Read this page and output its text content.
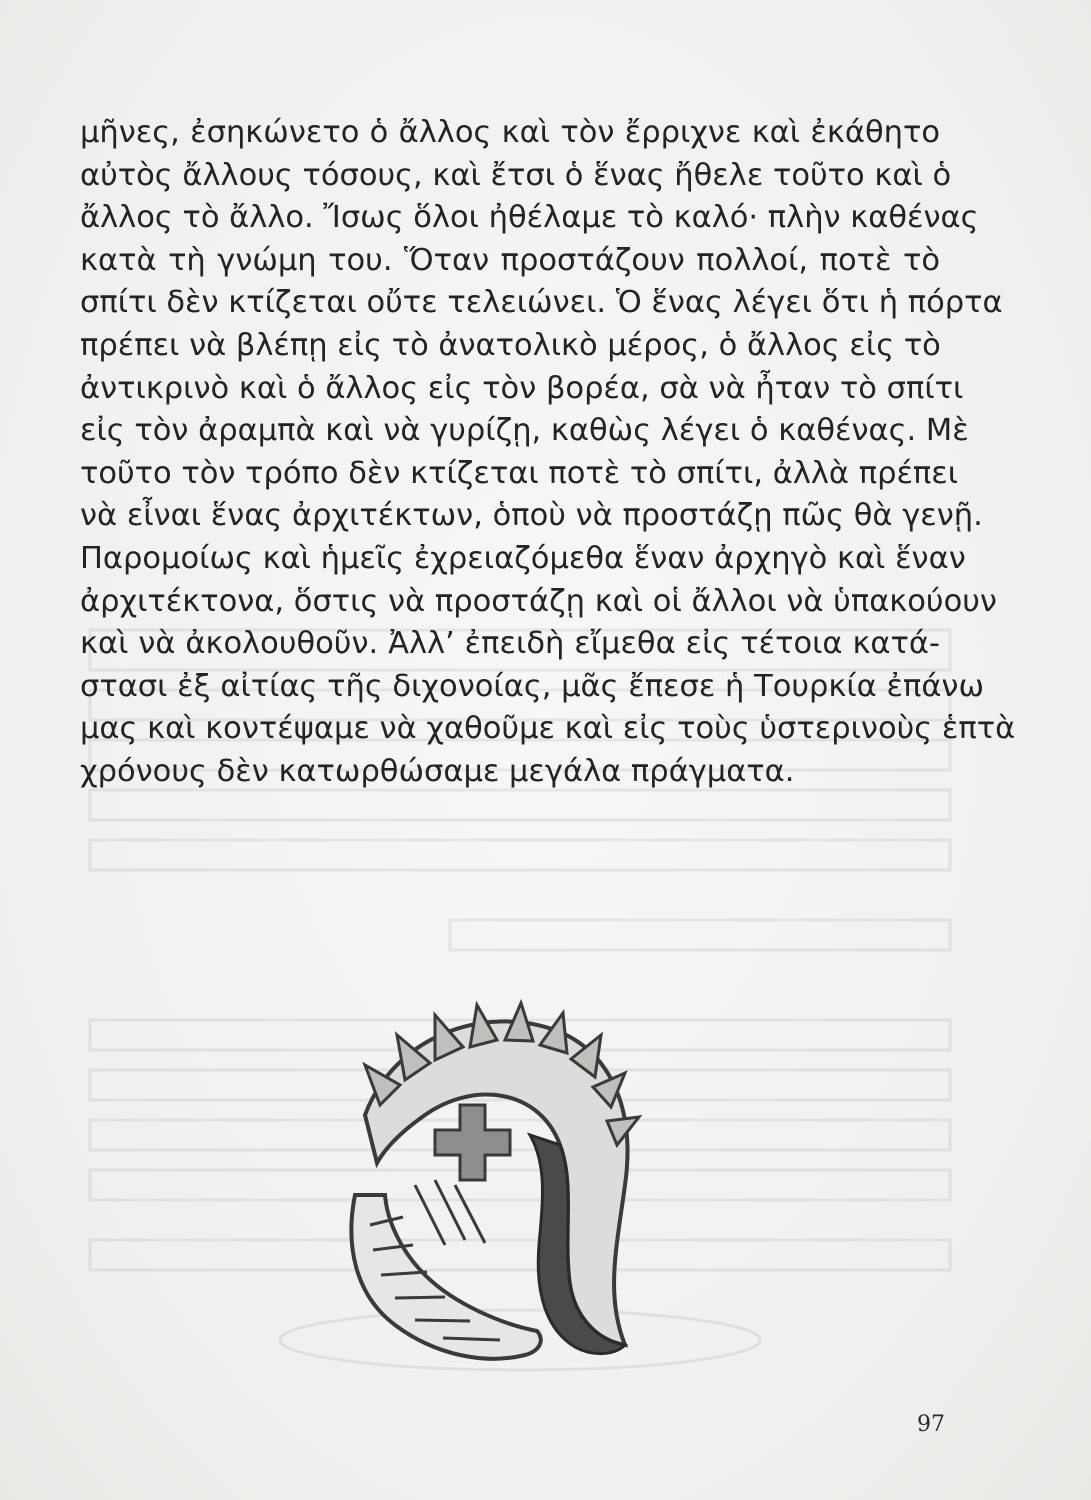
μῆνες, ἐσηκώνετο ὁ ἄλλος καὶ τὸν ἔρριχνε καὶ ἐκάθητο
αὐτὸς ἄλλους τόσους, καὶ ἔτσι ὁ ἕνας ἤθελε τοῦτο καὶ ὁ
ἄλλος τὸ ἄλλο. Ἴσως ὅλοι ἠθέλαμε τὸ καλό· πλὴν καθένας
κατὰ τὴ γνώμη του. Ὅταν προστάζουν πολλοί, ποτὲ τὸ
σπίτι δὲν κτίζεται οὔτε τελειώνει. Ὁ ἕνας λέγει ὅτι ἡ πόρτα
πρέπει νὰ βλέπῃ εἰς τὸ ἀνατολικὸ μέρος, ὁ ἄλλος εἰς τὸ
ἀντικρινὸ καὶ ὁ ἄλλος εἰς τὸν βορέα, σὰ νὰ ἦταν τὸ σπίτι
εἰς τὸν ἀραμπὰ καὶ νὰ γυρίζῃ, καθὼς λέγει ὁ καθένας. Μὲ
τοῦτο τὸν τρόπο δὲν κτίζεται ποτὲ τὸ σπίτι, ἀλλὰ πρέπει
νὰ εἶναι ἕνας ἀρχιτέκτων, ὁποὺ νὰ προστάζῃ πῶς θὰ γενῇ.
Παρομοίως καὶ ἡμεῖς ἐχρειαζόμεθα ἕναν ἀρχηγὸ καὶ ἕναν
ἀρχιτέκτονα, ὅστις νὰ προστάζῃ καὶ οἱ ἄλλοι νὰ ὑπακούουν
καὶ νὰ ἀκολουθοῦν. Ἀλλ’ ἐπειδὴ εἴμεθα εἰς τέτοια κατά-
στασι ἐξ αἰτίας τῆς διχονοίας, μᾶς ἔπεσε ἡ Τουρκία ἐπάνω
μας καὶ κοντέψαμε νὰ χαθοῦμε καὶ εἰς τοὺς ὑστερινοὺς ἑπτὰ
χρόνους δὲν κατωρθώσαμε μεγάλα πράγματα.
97
